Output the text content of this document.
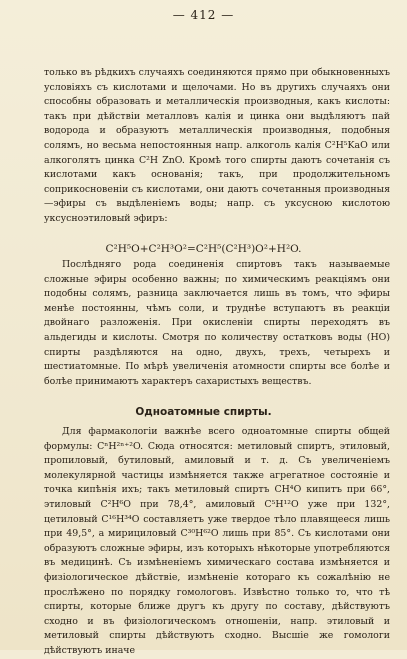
— 412 —

только въ рѣдкихъ случаяхъ соединяются прямо при обыкновенныхъ условіяхъ съ кислотами и щелочами. Но въ другихъ случаяхъ они способны образовать и металлическія производныя, какъ кислоты: такъ при дѣйствіи металловъ калія и цинка они выдѣляютъ пай водорода и образуютъ металлическія производныя, подобныя солямъ, но весьма непостоянныя напр. алкоголь калія C²H⁵KaO или алкоголятъ цинка C²H ZnO. Кромѣ того спирты даютъ сочетанія съ кислотами какъ основанія; такъ, при продолжительномъ соприкосновеніи съ кислотами, они даютъ сочетанныя производныя—эфиры съ выдѣленіемъ воды; напр. съ уксусною кислотою уксусноэтиловый эфиръ:

C²H⁵O+C²H³O²=C²H⁵(C²H³)O²+H²O.

Послѣдняго рода соединенія спиртовъ такъ называемые сложные эфиры особенно важны; по химическимъ реакціямъ они подобны солямъ, разница заключается лишь въ томъ, что эфиры менѣе постоянны, чѣмъ соли, и труднѣе вступаютъ въ реакціи двойнаго разложенія. При окисленіи спирты переходятъ въ альдегиды и кислоты. Смотря по количеству остатковъ воды (HO) спирты раздѣляются на одно, двухъ, трехъ, четырехъ и шестиатомные. По мѣрѣ увеличенія атомности спирты все болѣе и болѣе принимаютъ характеръ сахаристыхъ веществъ.

Одноатомные спирты.

Для фармакологіи важнѣе всего одноатомные спирты общей формулы: CⁿH²ⁿ⁺²O. Сюда относятся: метиловый спиртъ, этиловый, пропиловый, бутиловый, амиловый и т. д. Съ увеличеніемъ молекулярной частицы измѣняется также агрегатное состояніе и точка кипѣнія ихъ; такъ метиловый спиртъ CH⁴O кипитъ при 66°, этиловый C²H⁶O при 78,4°, амиловый C⁵H¹²O уже при 132°, цетиловый C¹⁶H³⁴O составляетъ уже твердое тѣло плавящееся лишь при 49,5°, а мирициловый C³⁰H⁶²O лишь при 85°. Съ кислотами они образуютъ сложные эфиры, изъ которыхъ нѣкоторые употребляются въ медицинѣ. Съ измѣненіемъ химическаго состава измѣняется и физіологическое дѣйствіе, измѣненіе котораго къ сожалѣнію не прослѣжено по порядку гомологовъ. Извѣстно только то, что тѣ спирты, которые ближе другъ къ другу по составу, дѣйствуютъ сходно и въ физіологическомъ отношеніи, напр. этиловый и метиловый спирты дѣйствуютъ сходно. Высшіе же гомологи дѣйствуютъ иначе
